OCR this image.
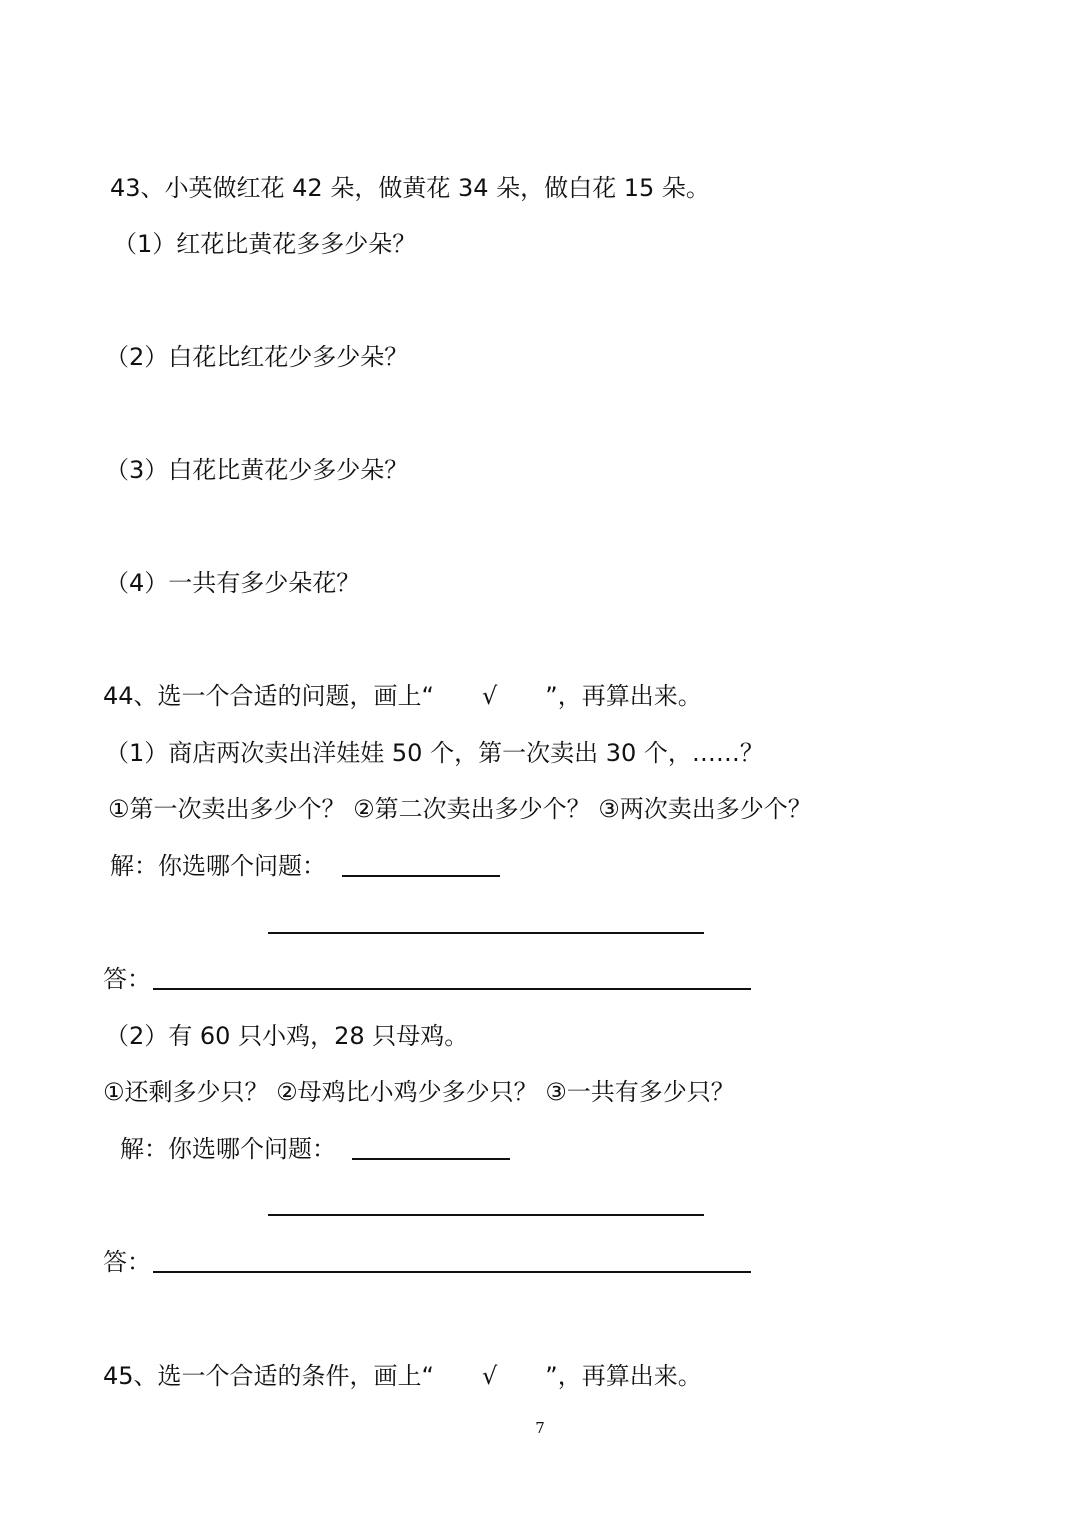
43、小英做红花 42 朵，做黄花 34 朵，做白花 15 朵。
（1）红花比黄花多多少朵？
（2）白花比红花少多少朵？
（3）白花比黄花少多少朵？
（4）一共有多少朵花？
44、选一个合适的问题，画上“　　√　　”，再算出来。
（1）商店两次卖出洋娃娃 50 个，第一次卖出 30 个，……？
①第一次卖出多少个？ ②第二次卖出多少个？ ③两次卖出多少个？
解：你选哪个问题：
答：
（2）有 60 只小鸡，28 只母鸡。
①还剩多少只？ ②母鸡比小鸡少多少只？ ③一共有多少只？
解：你选哪个问题：
答：
45、选一个合适的条件，画上“　　√　　”，再算出来。
7
